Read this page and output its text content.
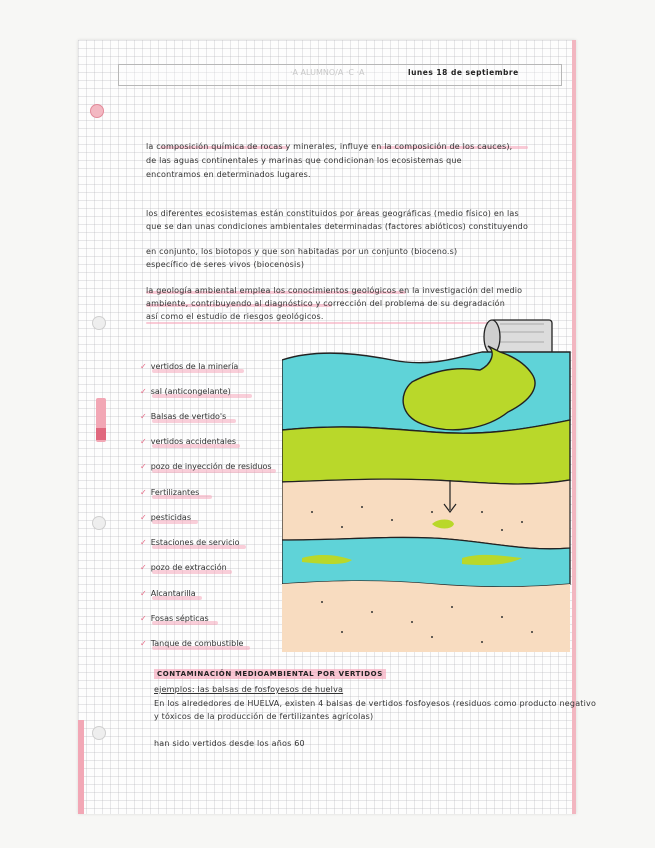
·A ALUMNO/A ·C ·A	lunes 18 de septiembre
la composición química de rocas y minerales, influye en la composición de los cauces),
de las aguas continentales y marinas que condicionan los ecosistemas que
encontramos en determinados lugares.
los diferentes ecosistemas están constituidos por áreas geográficas (medio físico) en las
que se dan unas condiciones ambientales determinadas (factores abióticos) constituyendo
en conjunto, los biotopos y que son habitadas por un conjunto (bioceno.s)
específico de seres vivos (biocenosis)
la geología ambiental emplea los conocimientos geológicos en la investigación del medio
ambiente, contribuyendo al diagnóstico y corrección del problema de su degradación
así como el estudio de riesgos geológicos.
✓ vertidos de la minería
✓ sal (anticongelante)
✓ Balsas de vertido's
✓ vertidos accidentales
✓ pozo de inyección de residuos
✓ Fertilizantes
✓ pesticidas
✓ Estaciones de servicio
✓ pozo de extracción
✓ Alcantarilla
✓ Fosas sépticas
✓ Tanque de combustible
CONTAMINACIÓN MEDIOAMBIENTAL POR VERTIDOS
ejemplos: las balsas de fosfoyesos de huelva
En los alrededores de HUELVA, existen 4 balsas de vertidos fosfoyesos (residuos como producto negativo
y tóxicos de la producción de fertilizantes agrícolas)
han sido vertidos desde los años 60
